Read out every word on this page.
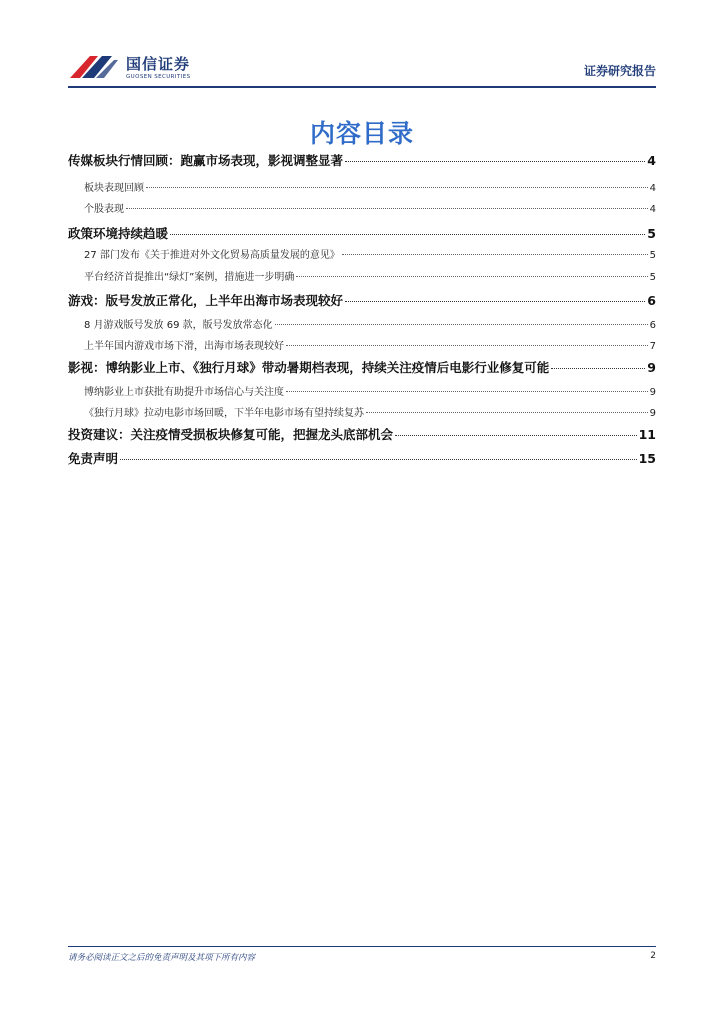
国信证券
GUOSEN SECURITIES	证券研究报告
内容目录
传媒板块行情回顾：跑赢市场表现，影视调整显著	4
板块表现回顾	4
个股表现	4
政策环境持续趋暖	5
27 部门发布《关于推进对外文化贸易高质量发展的意见》	5
平台经济首提推出“绿灯”案例，措施进一步明确	5
游戏：版号发放正常化，上半年出海市场表现较好	6
8 月游戏版号发放 69 款，版号发放常态化	6
上半年国内游戏市场下滑，出海市场表现较好	7
影视：博纳影业上市、《独行月球》带动暑期档表现，持续关注疫情后电影行业修复可能	9
博纳影业上市获批有助提升市场信心与关注度	9
《独行月球》拉动电影市场回暖，下半年电影市场有望持续复苏	9
投资建议：关注疫情受损板块修复可能，把握龙头底部机会	11
免责声明	15
请务必阅读正文之后的免责声明及其项下所有内容	2
